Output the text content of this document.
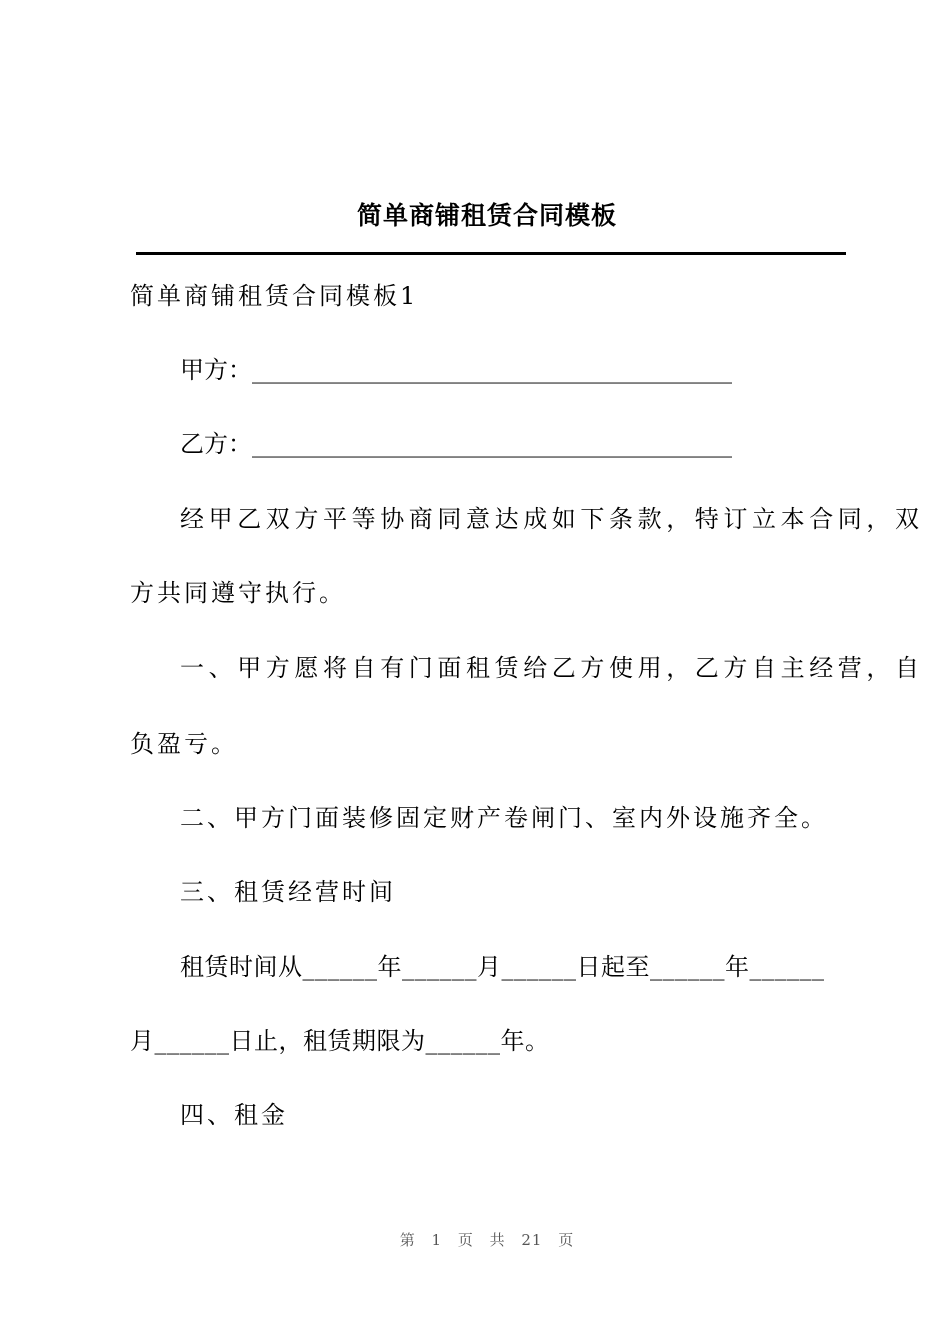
简单商铺租赁合同模板
简单商铺租赁合同模板1
甲方：________________________________________
乙方：________________________________________
经甲乙双方平等协商同意达成如下条款，特订立本合同，双
方共同遵守执行。
一、甲方愿将自有门面租赁给乙方使用，乙方自主经营，自
负盈亏。
二、甲方门面装修固定财产卷闸门、室内外设施齐全。
三、租赁经营时间
租赁时间从______年______月______日起至______年______
月______日止，租赁期限为______年。
四、租金
第 1 页 共 21 页
